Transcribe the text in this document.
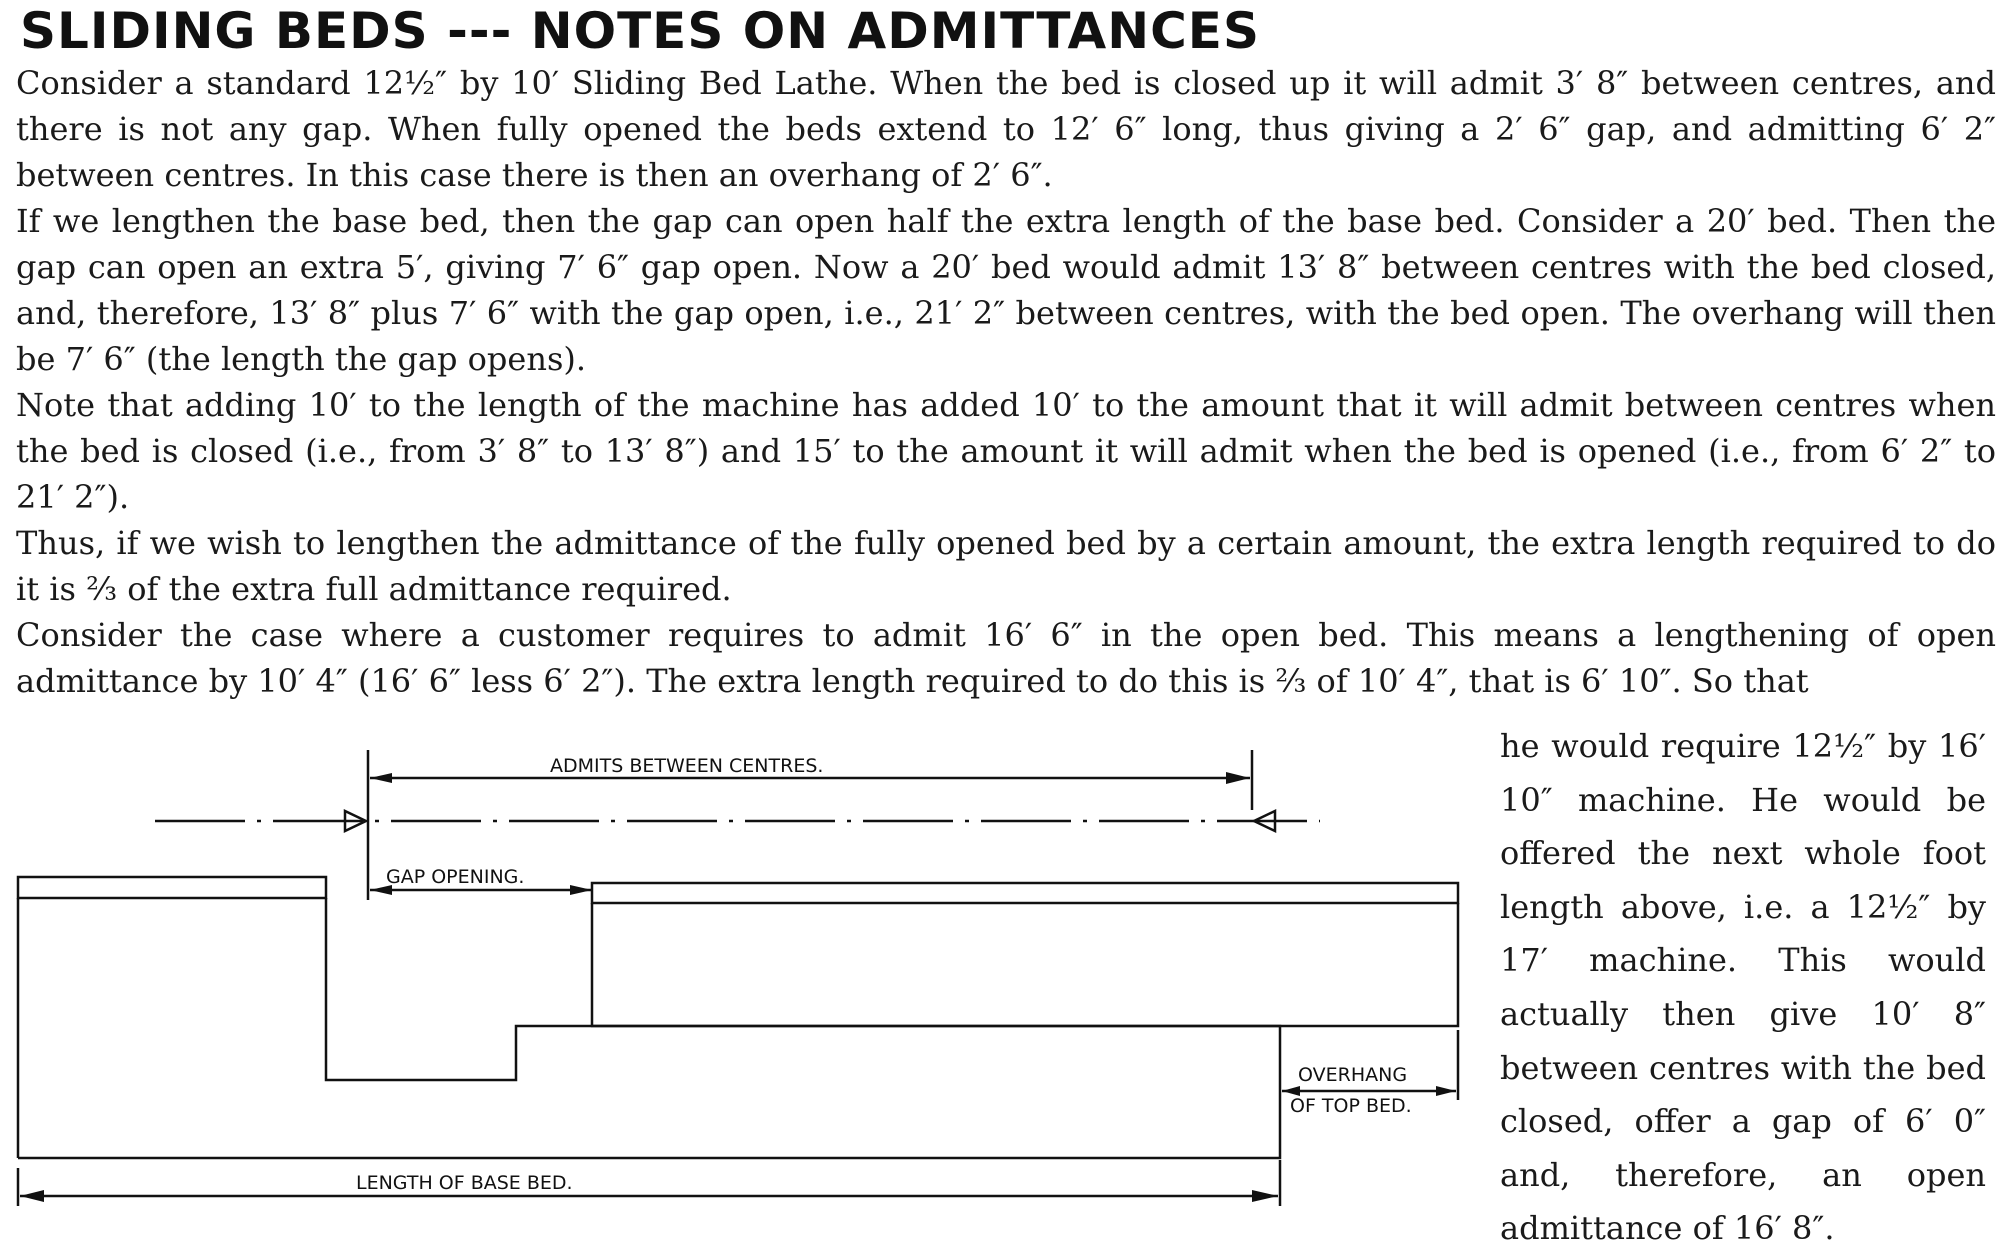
SLIDING BEDS --- NOTES ON ADMITTANCES

Consider a standard 12½″ by 10′ Sliding Bed Lathe. When the bed is closed up it will admit 3′ 8″ between centres, and there is not any gap. When fully opened the beds extend to 12′ 6″ long, thus giving a 2′ 6″ gap, and admitting 6′ 2″ between centres. In this case there is then an overhang of 2′ 6″.

If we lengthen the base bed, then the gap can open half the extra length of the base bed. Consider a 20′ bed. Then the gap can open an extra 5′, giving 7′ 6″ gap open. Now a 20′ bed would admit 13′ 8″ between centres with the bed closed, and, therefore, 13′ 8″ plus 7′ 6″ with the gap open, i.e., 21′ 2″ between centres, with the bed open. The overhang will then be 7′ 6″ (the length the gap opens).

Note that adding 10′ to the length of the machine has added 10′ to the amount that it will admit between centres when the bed is closed (i.e., from 3′ 8″ to 13′ 8″) and 15′ to the amount it will admit when the bed is opened (i.e., from 6′ 2″ to 21′ 2″).

Thus, if we wish to lengthen the admittance of the fully opened bed by a certain amount, the extra length required to do it is ⅔ of the extra full admittance required.

Consider the case where a customer requires to admit 16′ 6″ in the open bed. This means a lengthening of open admittance by 10′ 4″ (16′ 6″ less 6′ 2″). The extra length required to do this is ⅔ of 10′ 4″, that is 6′ 10″. So that

he would require 12½″ by 16′ 10″ machine. He would be offered the next whole foot length above, i.e. a 12½″ by 17′ machine. This would actually then give 10′ 8″ between centres with the bed closed, offer a gap of 6′ 0″ and, therefore, an open admittance of 16′ 8″.

ADMITS BETWEEN CENTRES.
GAP OPENING.
OVERHANG
OF TOP BED.
LENGTH OF BASE BED.
